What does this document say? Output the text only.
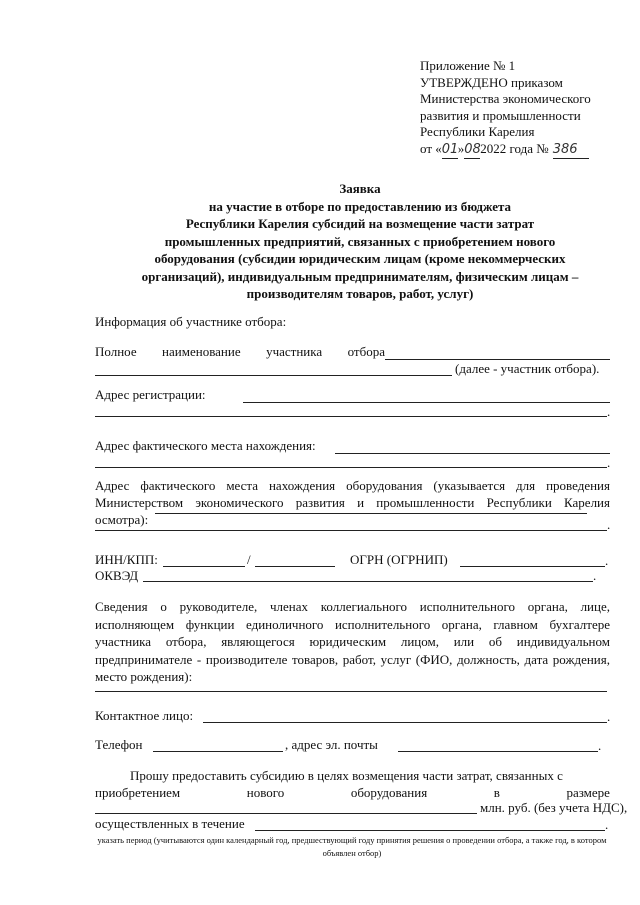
Приложение № 1
УТВЕРЖДЕНО приказом
Министерства экономического
развития и промышленности
Республики Карелия
от «01»082022 года № 386
Заявка
на участие в отборе по предоставлению из бюджета
Республики Карелия субсидий на возмещение части затрат
промышленных предприятий, связанных с приобретением нового
оборудования (субсидии юридическим лицам (кроме некоммерческих
организаций), индивидуальным предпринимателям, физическим лицам –
производителям товаров, работ, услуг)
Информация об участнике отбора:
Полное наименование участника отбора
(далее - участник отбора).
Адрес регистрации:
.
Адрес фактического места нахождения:
.
Адрес фактического места нахождения оборудования (указывается для проведения Министерством экономического развития и промышленности Республики Карелия осмотра):	.
ИНН/КПП:	/	ОГРН (ОГРНИП)	.
ОКВЭД	.
Сведения о руководителе, членах коллегиального исполнительного органа, лице, исполняющем функции единоличного исполнительного органа, главном бухгалтере участника отбора, являющегося юридическим лицом, или об индивидуальном предпринимателе - производителе товаров, работ, услуг (ФИО, должность, дата рождения, место рождения):
Контактное лицо:	.
Телефон	, адрес эл. почты	.
Прошу предоставить субсидию в целях возмещения части затрат, связанных с
приобретением	нового	оборудования	в	размере
млн. руб. (без учета НДС),
осуществленных в течение	.
указать период (учитываются один календарный год, предшествующий году принятия решения о проведении отбора, а также год, в котором объявлен отбор)
